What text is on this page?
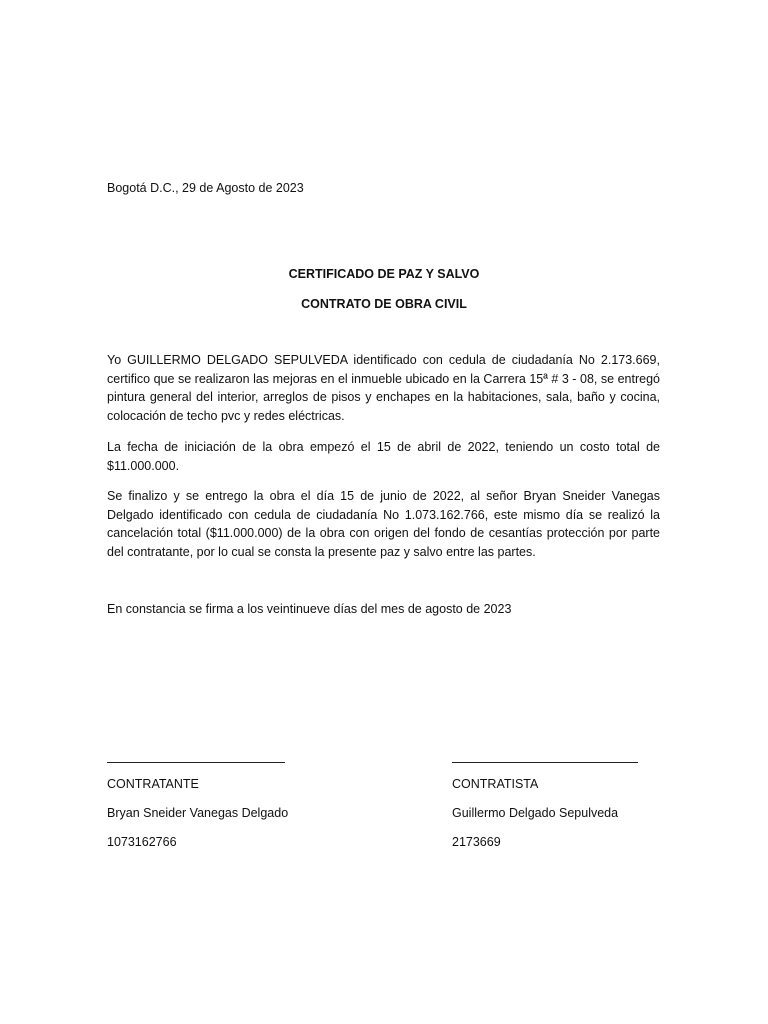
Bogotá D.C., 29 de Agosto de 2023
CERTIFICADO DE PAZ Y SALVO
CONTRATO DE OBRA CIVIL
Yo GUILLERMO DELGADO SEPULVEDA identificado con cedula de ciudadanía No 2.173.669, certifico que se realizaron las mejoras en el inmueble ubicado en la Carrera 15ª # 3 - 08, se entregó pintura general del interior, arreglos de pisos y enchapes en la habitaciones, sala, baño y cocina, colocación de techo pvc y redes eléctricas.
La fecha de iniciación de la obra empezó el 15 de abril de 2022, teniendo un costo total de $11.000.000.
Se finalizo y se entrego la obra el día 15 de junio de 2022, al señor Bryan Sneider Vanegas Delgado identificado con cedula de ciudadanía No 1.073.162.766, este mismo día se realizó la cancelación total ($11.000.000) de la obra con origen del fondo de cesantías protección por parte del contratante, por lo cual se consta la presente paz y salvo entre las partes.
En constancia se firma a los veintinueve días del mes de agosto de 2023
CONTRATANTE
Bryan Sneider Vanegas Delgado
1073162766
CONTRATISTA
Guillermo Delgado Sepulveda
2173669
